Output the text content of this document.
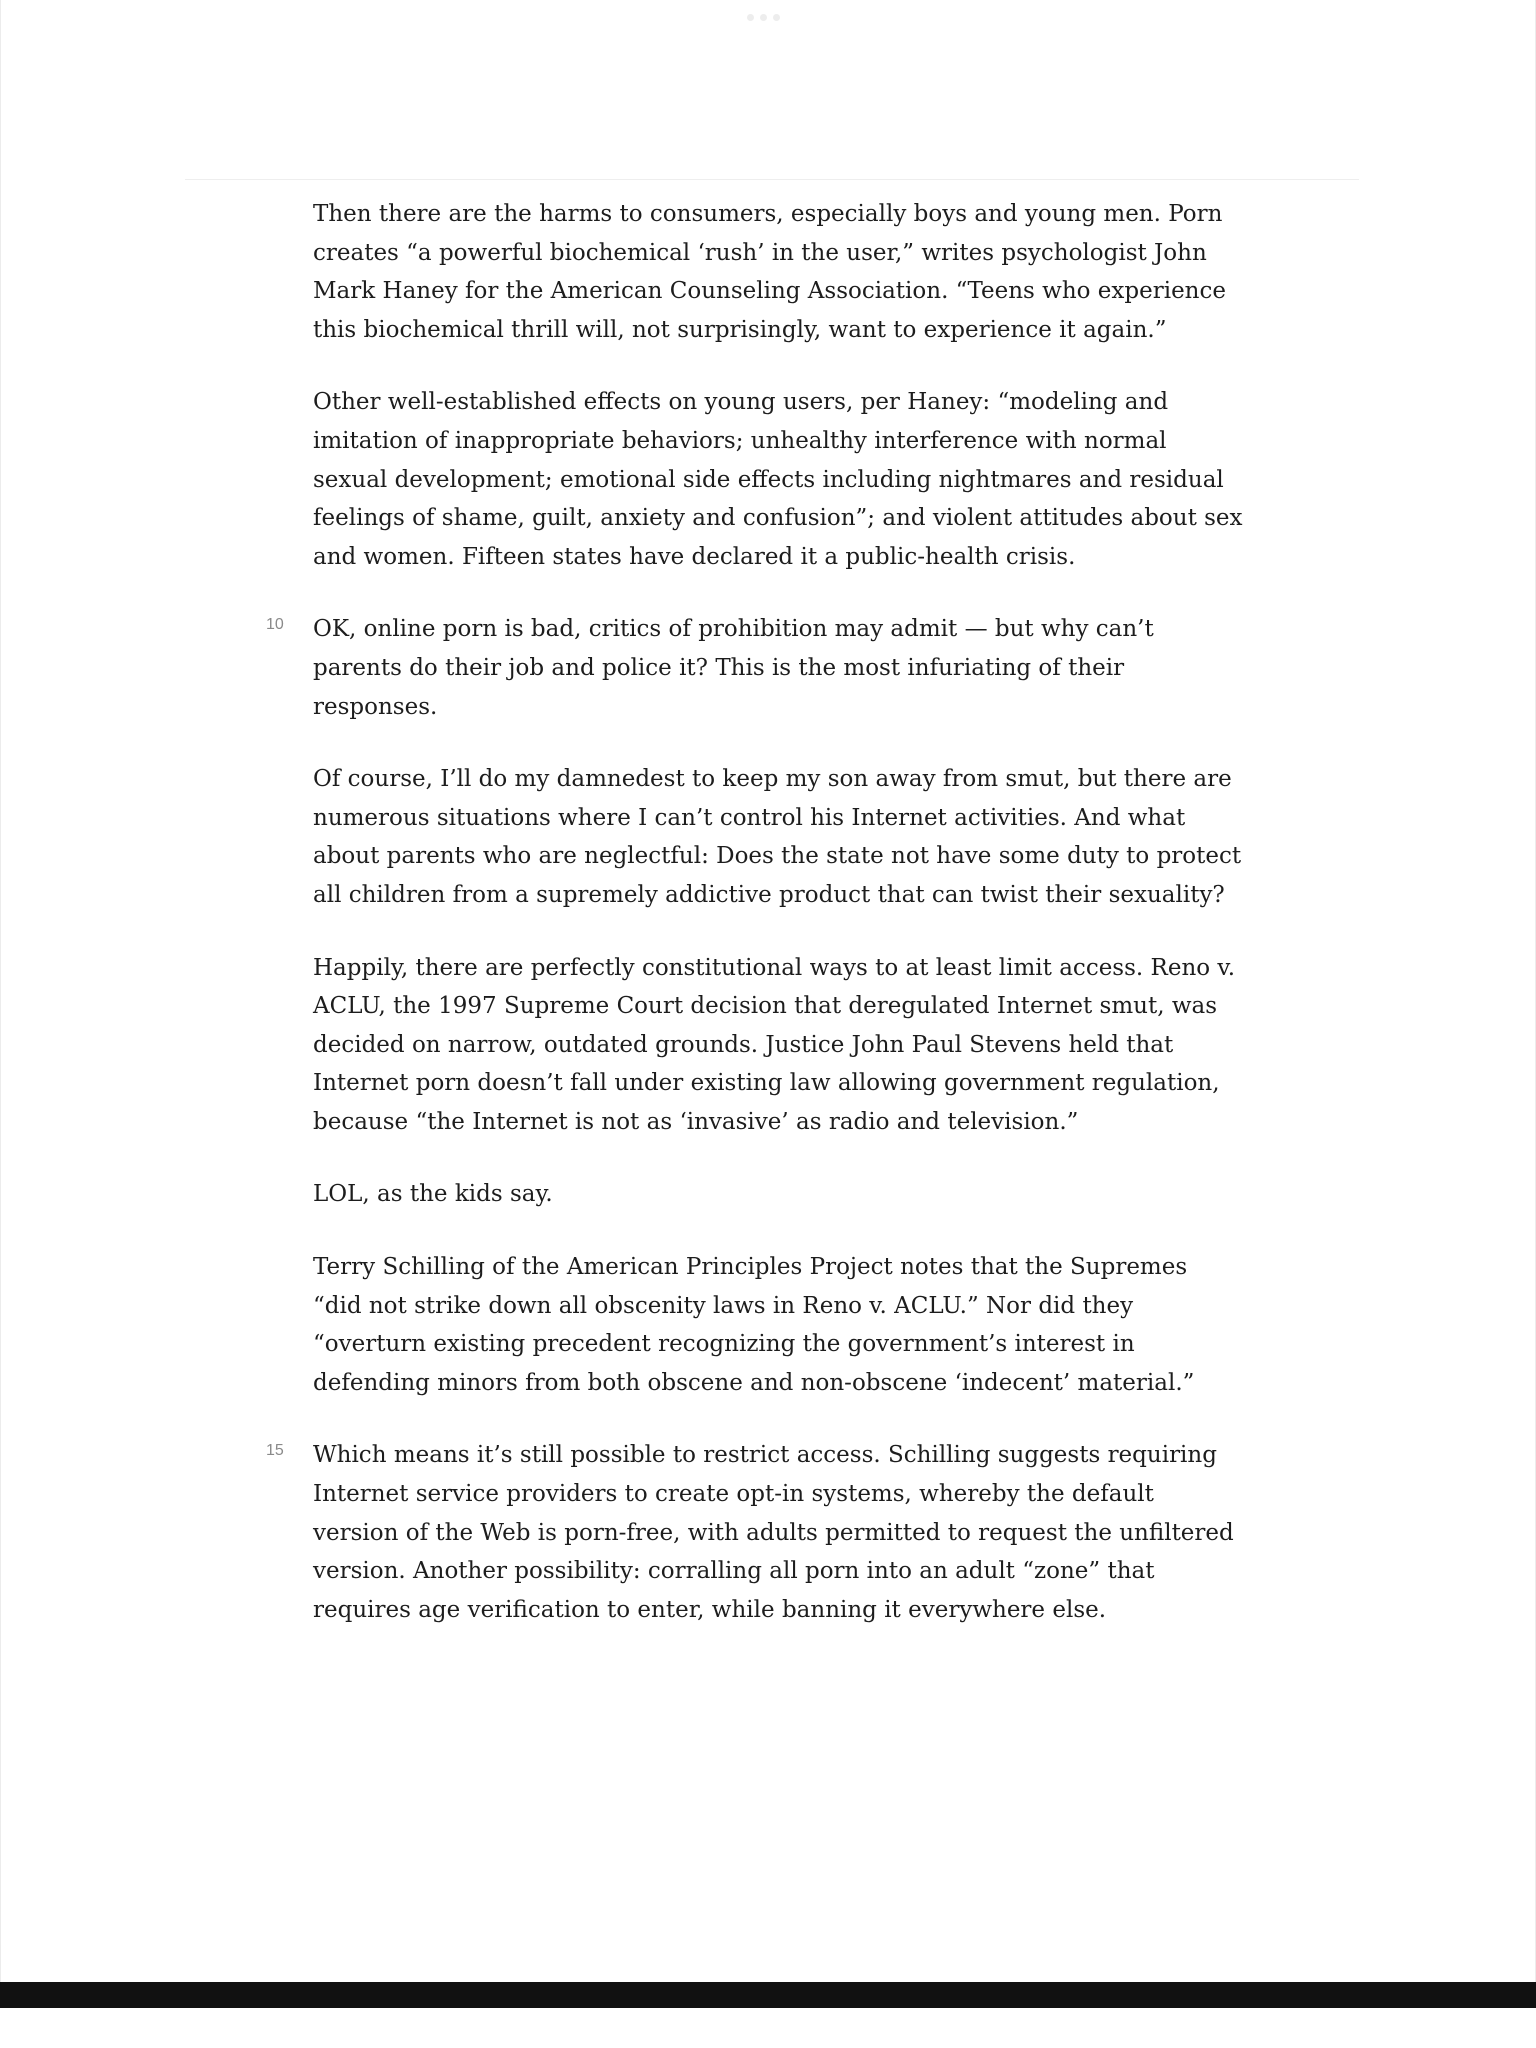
Then there are the harms to consumers, especially boys and young men. Porn creates “a powerful biochemical ‘rush’ in the user,” writes psychologist John Mark Haney for the American Counseling Association. “Teens who experience this biochemical thrill will, not surprisingly, want to experience it again.”

Other well-established effects on young users, per Haney: “modeling and imitation of inappropriate behaviors; unhealthy interference with normal sexual development; emotional side effects including nightmares and residual feelings of shame, guilt, anxiety and confusion”; and violent attitudes about sex and women. Fifteen states have declared it a public-health crisis.

10 OK, online porn is bad, critics of prohibition may admit — but why can’t parents do their job and police it? This is the most infuriating of their responses.

Of course, I’ll do my damnedest to keep my son away from smut, but there are numerous situations where I can’t control his Internet activities. And what about parents who are neglectful: Does the state not have some duty to protect all children from a supremely addictive product that can twist their sexuality?

Happily, there are perfectly constitutional ways to at least limit access. Reno v. ACLU, the 1997 Supreme Court decision that deregulated Internet smut, was decided on narrow, outdated grounds. Justice John Paul Stevens held that Internet porn doesn’t fall under existing law allowing government regulation, because “the Internet is not as ‘invasive’ as radio and television.”

LOL, as the kids say.

Terry Schilling of the American Principles Project notes that the Supremes “did not strike down all obscenity laws in Reno v. ACLU.” Nor did they “overturn existing precedent recognizing the government’s interest in defending minors from both obscene and non-obscene ‘indecent’ material.”

15 Which means it’s still possible to restrict access. Schilling suggests requiring Internet service providers to create opt-in systems, whereby the default version of the Web is porn-free, with adults permitted to request the unfiltered version. Another possibility: corralling all porn into an adult “zone” that requires age verification to enter, while banning it everywhere else.
